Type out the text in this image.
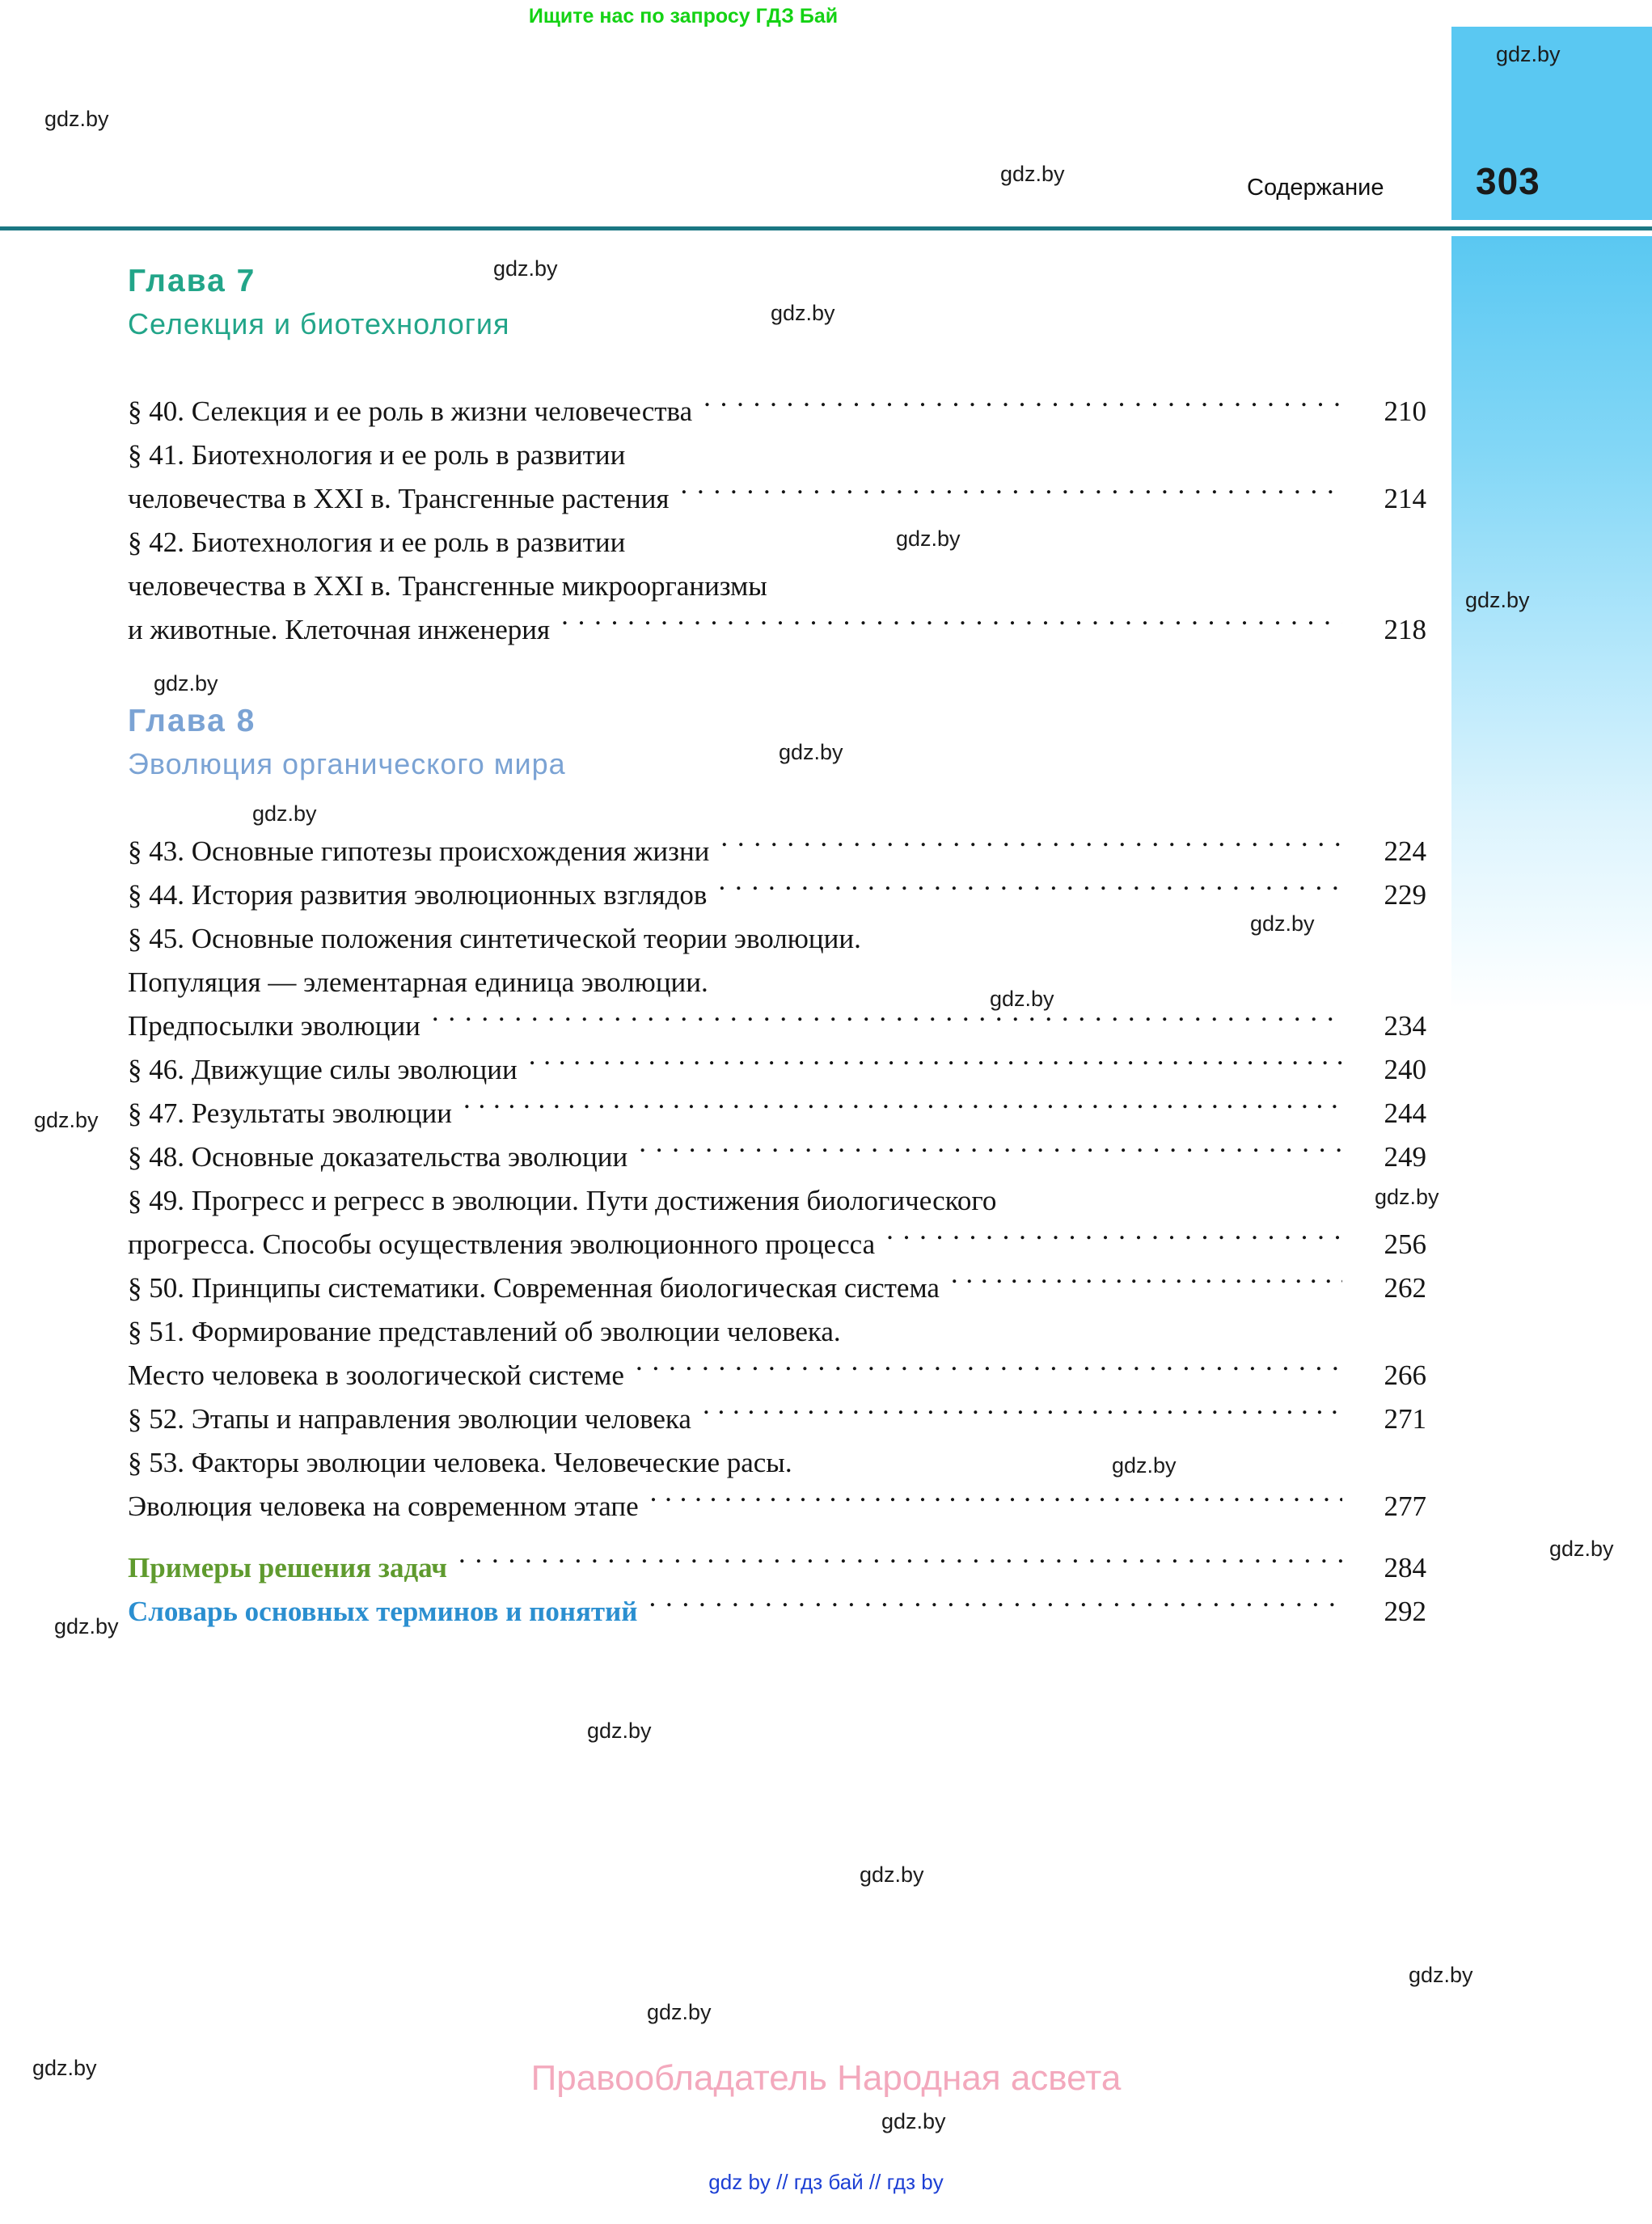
Ищите нас по запросу ГДЗ Бай
303
Содержание
Глава 7
Селекция и биотехнология
§ 40. Селекция и ее роль в жизни человечества . . .	210
§ 41. Биотехнология и ее роль в развитии
человечества в XXI в. Трансгенные растения . . .	214
§ 42. Биотехнология и ее роль в развитии
человечества в XXI в. Трансгенные микроорганизмы
и животные. Клеточная инженерия . . .	218
Глава 8
Эволюция органического мира
§ 43. Основные гипотезы происхождения жизни . . .	224
§ 44. История развития эволюционных взглядов . . .	229
§ 45. Основные положения синтетической теории эволюции.
Популяция — элементарная единица эволюции.
Предпосылки эволюции . . .	234
§ 46. Движущие силы эволюции . . .	240
§ 47. Результаты эволюции . . .	244
§ 48. Основные доказательства эволюции . . .	249
§ 49. Прогресс и регресс в эволюции. Пути достижения биологического
прогресса. Способы осуществления эволюционного процесса . . .	256
§ 50. Принципы систематики. Современная биологическая система . . .	262
§ 51. Формирование представлений об эволюции человека.
Место человека в зоологической системе . . .	266
§ 52. Этапы и направления эволюции человека . . .	271
§ 53. Факторы эволюции человека. Человеческие расы.
Эволюция человека на современном этапе . . .	277
Примеры решения задач . . .	284
Словарь основных терминов и понятий . . .	292
Правообладатель Народная асвета
gdz by // гдз бай // гдз by
gdz.by
gdz.by
gdz.by
gdz.by
gdz.by
gdz.by
gdz.by
gdz.by
gdz.by
gdz.by
gdz.by
gdz.by
gdz.by
gdz.by
gdz.by
gdz.by
gdz.by
gdz.by
gdz.by
gdz.by
gdz.by
gdz.by
gdz.by
